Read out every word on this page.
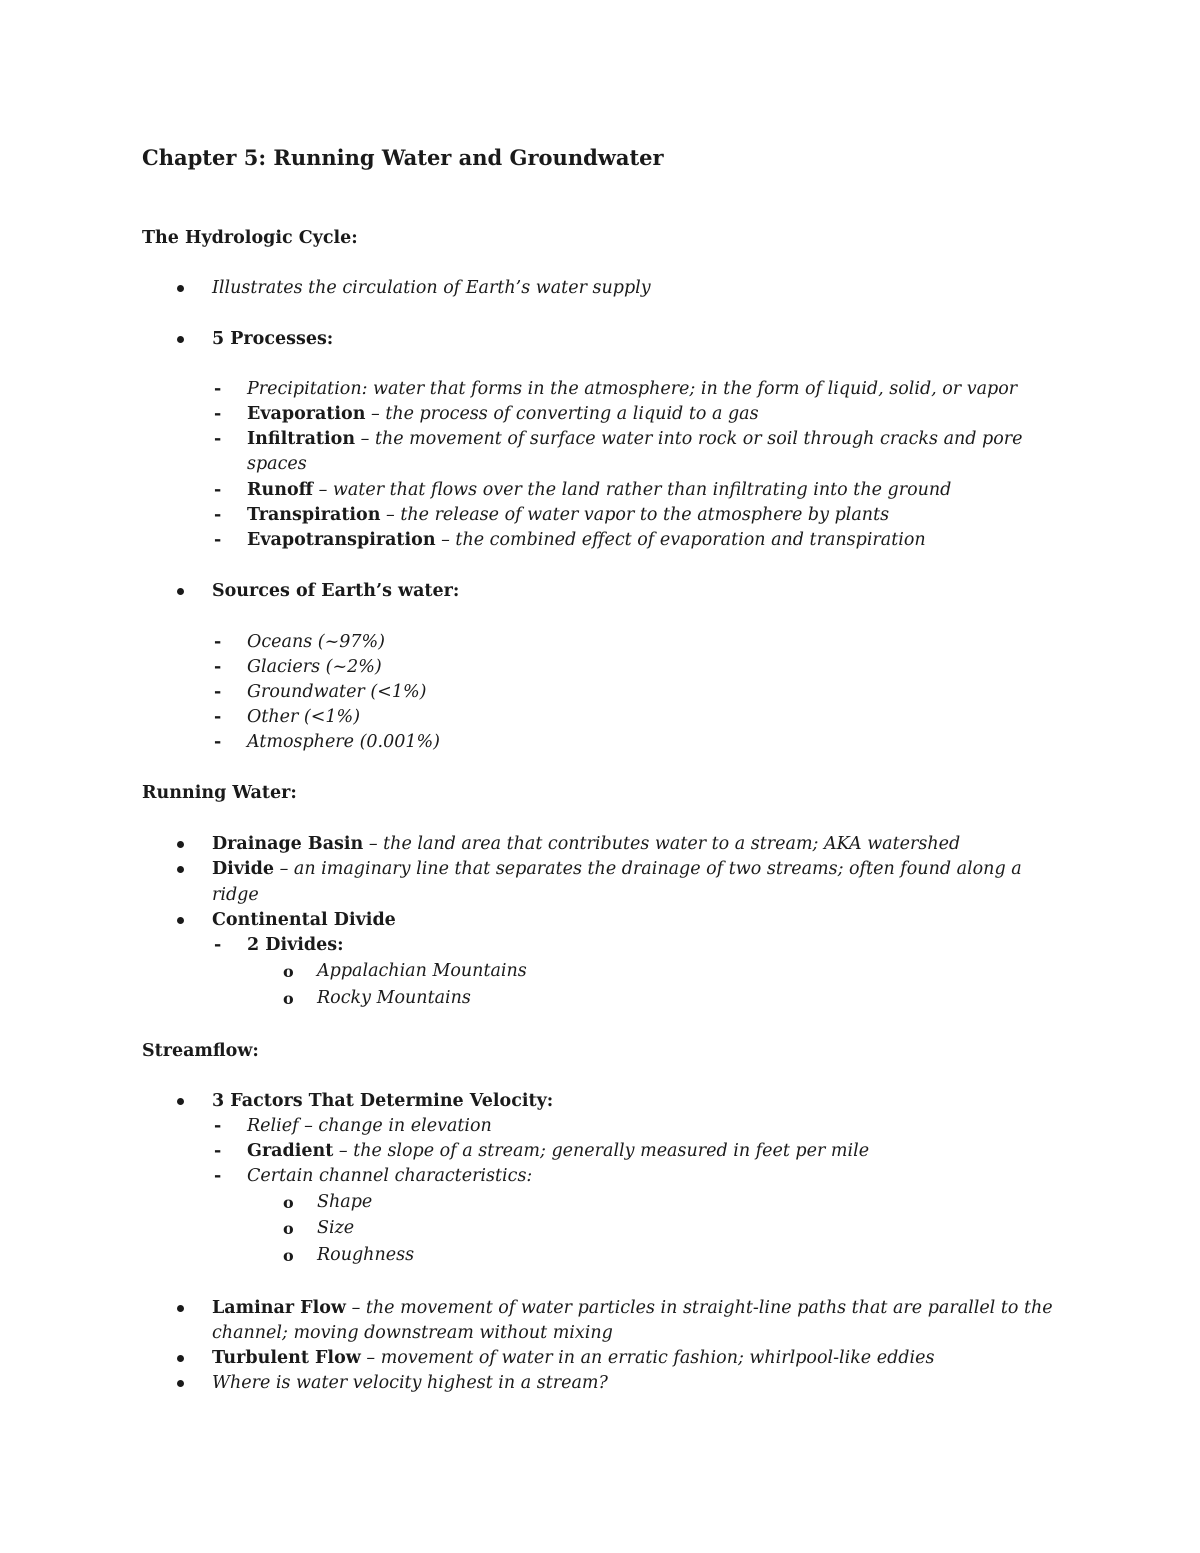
Chapter 5: Running Water and Groundwater
The Hydrologic Cycle:
Illustrates the circulation of Earth’s water supply
5 Processes:
- Precipitation: water that forms in the atmosphere; in the form of liquid, solid, or vapor
- Evaporation – the process of converting a liquid to a gas
- Infiltration – the movement of surface water into rock or soil through cracks and pore
spaces
- Runoff – water that flows over the land rather than infiltrating into the ground
- Transpiration – the release of water vapor to the atmosphere by plants
- Evapotranspiration – the combined effect of evaporation and transpiration
Sources of Earth’s water:
- Oceans (~97%)
- Glaciers (~2%)
- Groundwater (<1%)
- Other (<1%)
- Atmosphere (0.001%)
Running Water:
Drainage Basin – the land area that contributes water to a stream; AKA watershed
Divide – an imaginary line that separates the drainage of two streams; often found along a
ridge
Continental Divide
- 2 Divides:
o Appalachian Mountains
o Rocky Mountains
Streamflow:
3 Factors That Determine Velocity:
- Relief – change in elevation
- Gradient – the slope of a stream; generally measured in feet per mile
- Certain channel characteristics:
o Shape
o Size
o Roughness
Laminar Flow – the movement of water particles in straight-line paths that are parallel to the
channel; moving downstream without mixing
Turbulent Flow – movement of water in an erratic fashion; whirlpool-like eddies
Where is water velocity highest in a stream?
